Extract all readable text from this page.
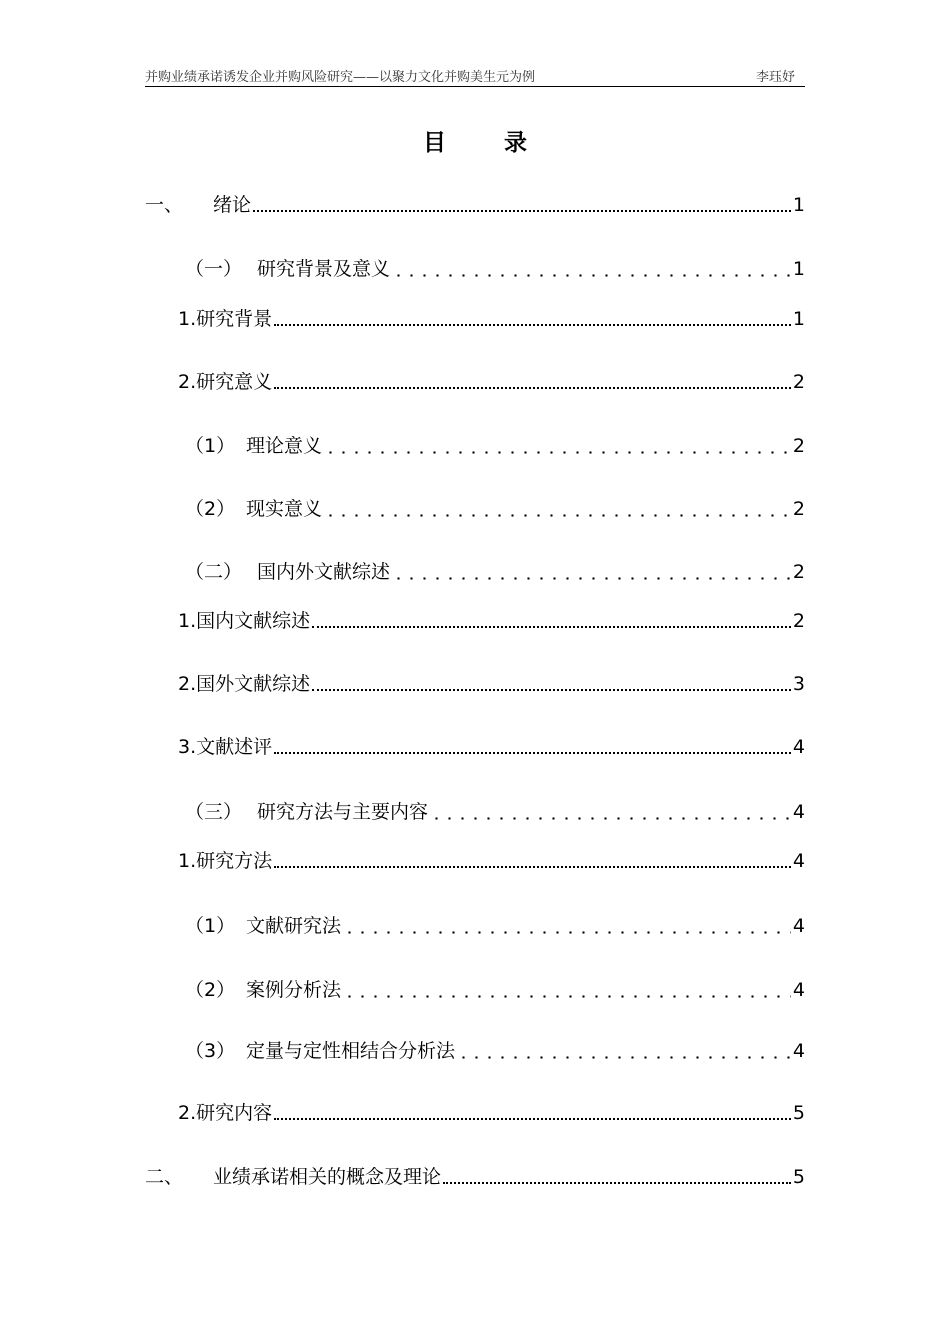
并购业绩承诺诱发企业并购风险研究——以聚力文化并购美生元为例	李珏妤
目 录
一、 绪论	1
（一） 研究背景及意义	1
1.研究背景	1
2.研究意义	2
（1） 理论意义	2
（2） 现实意义	2
（二） 国内外文献综述	2
1.国内文献综述	2
2.国外文献综述	3
3.文献述评	4
（三） 研究方法与主要内容	4
1.研究方法	4
（1） 文献研究法	4
（2） 案例分析法	4
（3） 定量与定性相结合分析法	4
2.研究内容	5
二、 业绩承诺相关的概念及理论	5
